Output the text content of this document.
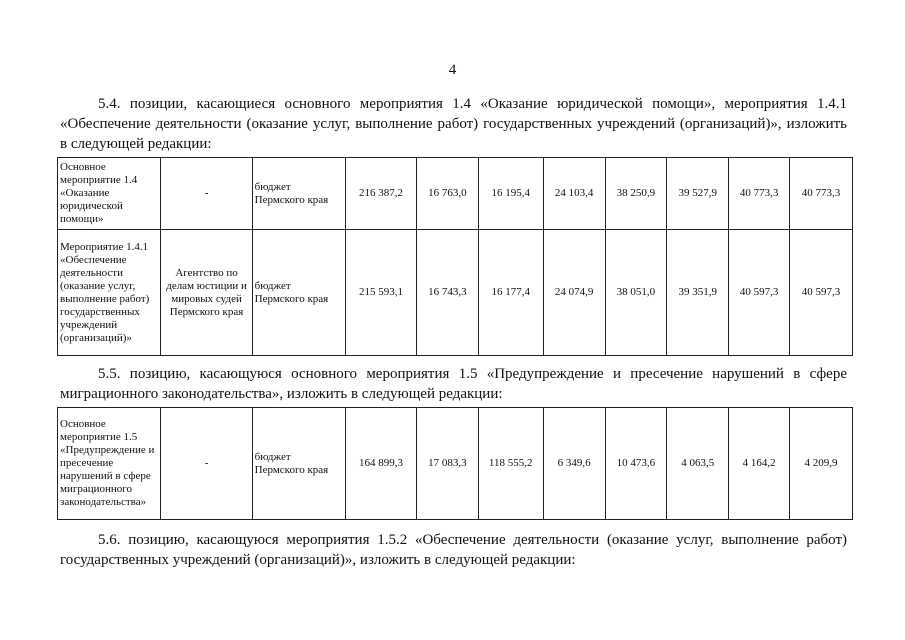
4
5.4. позиции, касающиеся основного мероприятия 1.4 «Оказание юридической помощи», мероприятия 1.4.1 «Обеспечение деятельности (оказание услуг, выполнение работ) государственных учреждений (организаций)», изложить в следующей редакции:
Основное мероприятие 1.4 «Оказание юридической помощи»	-	бюджет Пермского края	216 387,2	16 763,0	16 195,4	24 103,4	38 250,9	39 527,9	40 773,3	40 773,3
Мероприятие 1.4.1 «Обеспечение деятельности (оказание услуг, выполнение работ) государственных учреждений (организаций)»	Агентство по делам юстиции и мировых судей Пермского края	бюджет Пермского края	215 593,1	16 743,3	16 177,4	24 074,9	38 051,0	39 351,9	40 597,3	40 597,3
5.5. позицию, касающуюся основного мероприятия 1.5 «Предупреждение и пресечение нарушений в сфере миграционного законодательства», изложить в следующей редакции:
Основное мероприятие 1.5 «Предупреждение и пресечение нарушений в сфере миграционного законодательства»	-	бюджет Пермского края	164 899,3	17 083,3	118 555,2	6 349,6	10 473,6	4 063,5	4 164,2	4 209,9
5.6. позицию, касающуюся мероприятия 1.5.2 «Обеспечение деятельности (оказание услуг, выполнение работ) государственных учреждений (организаций)», изложить в следующей редакции:
